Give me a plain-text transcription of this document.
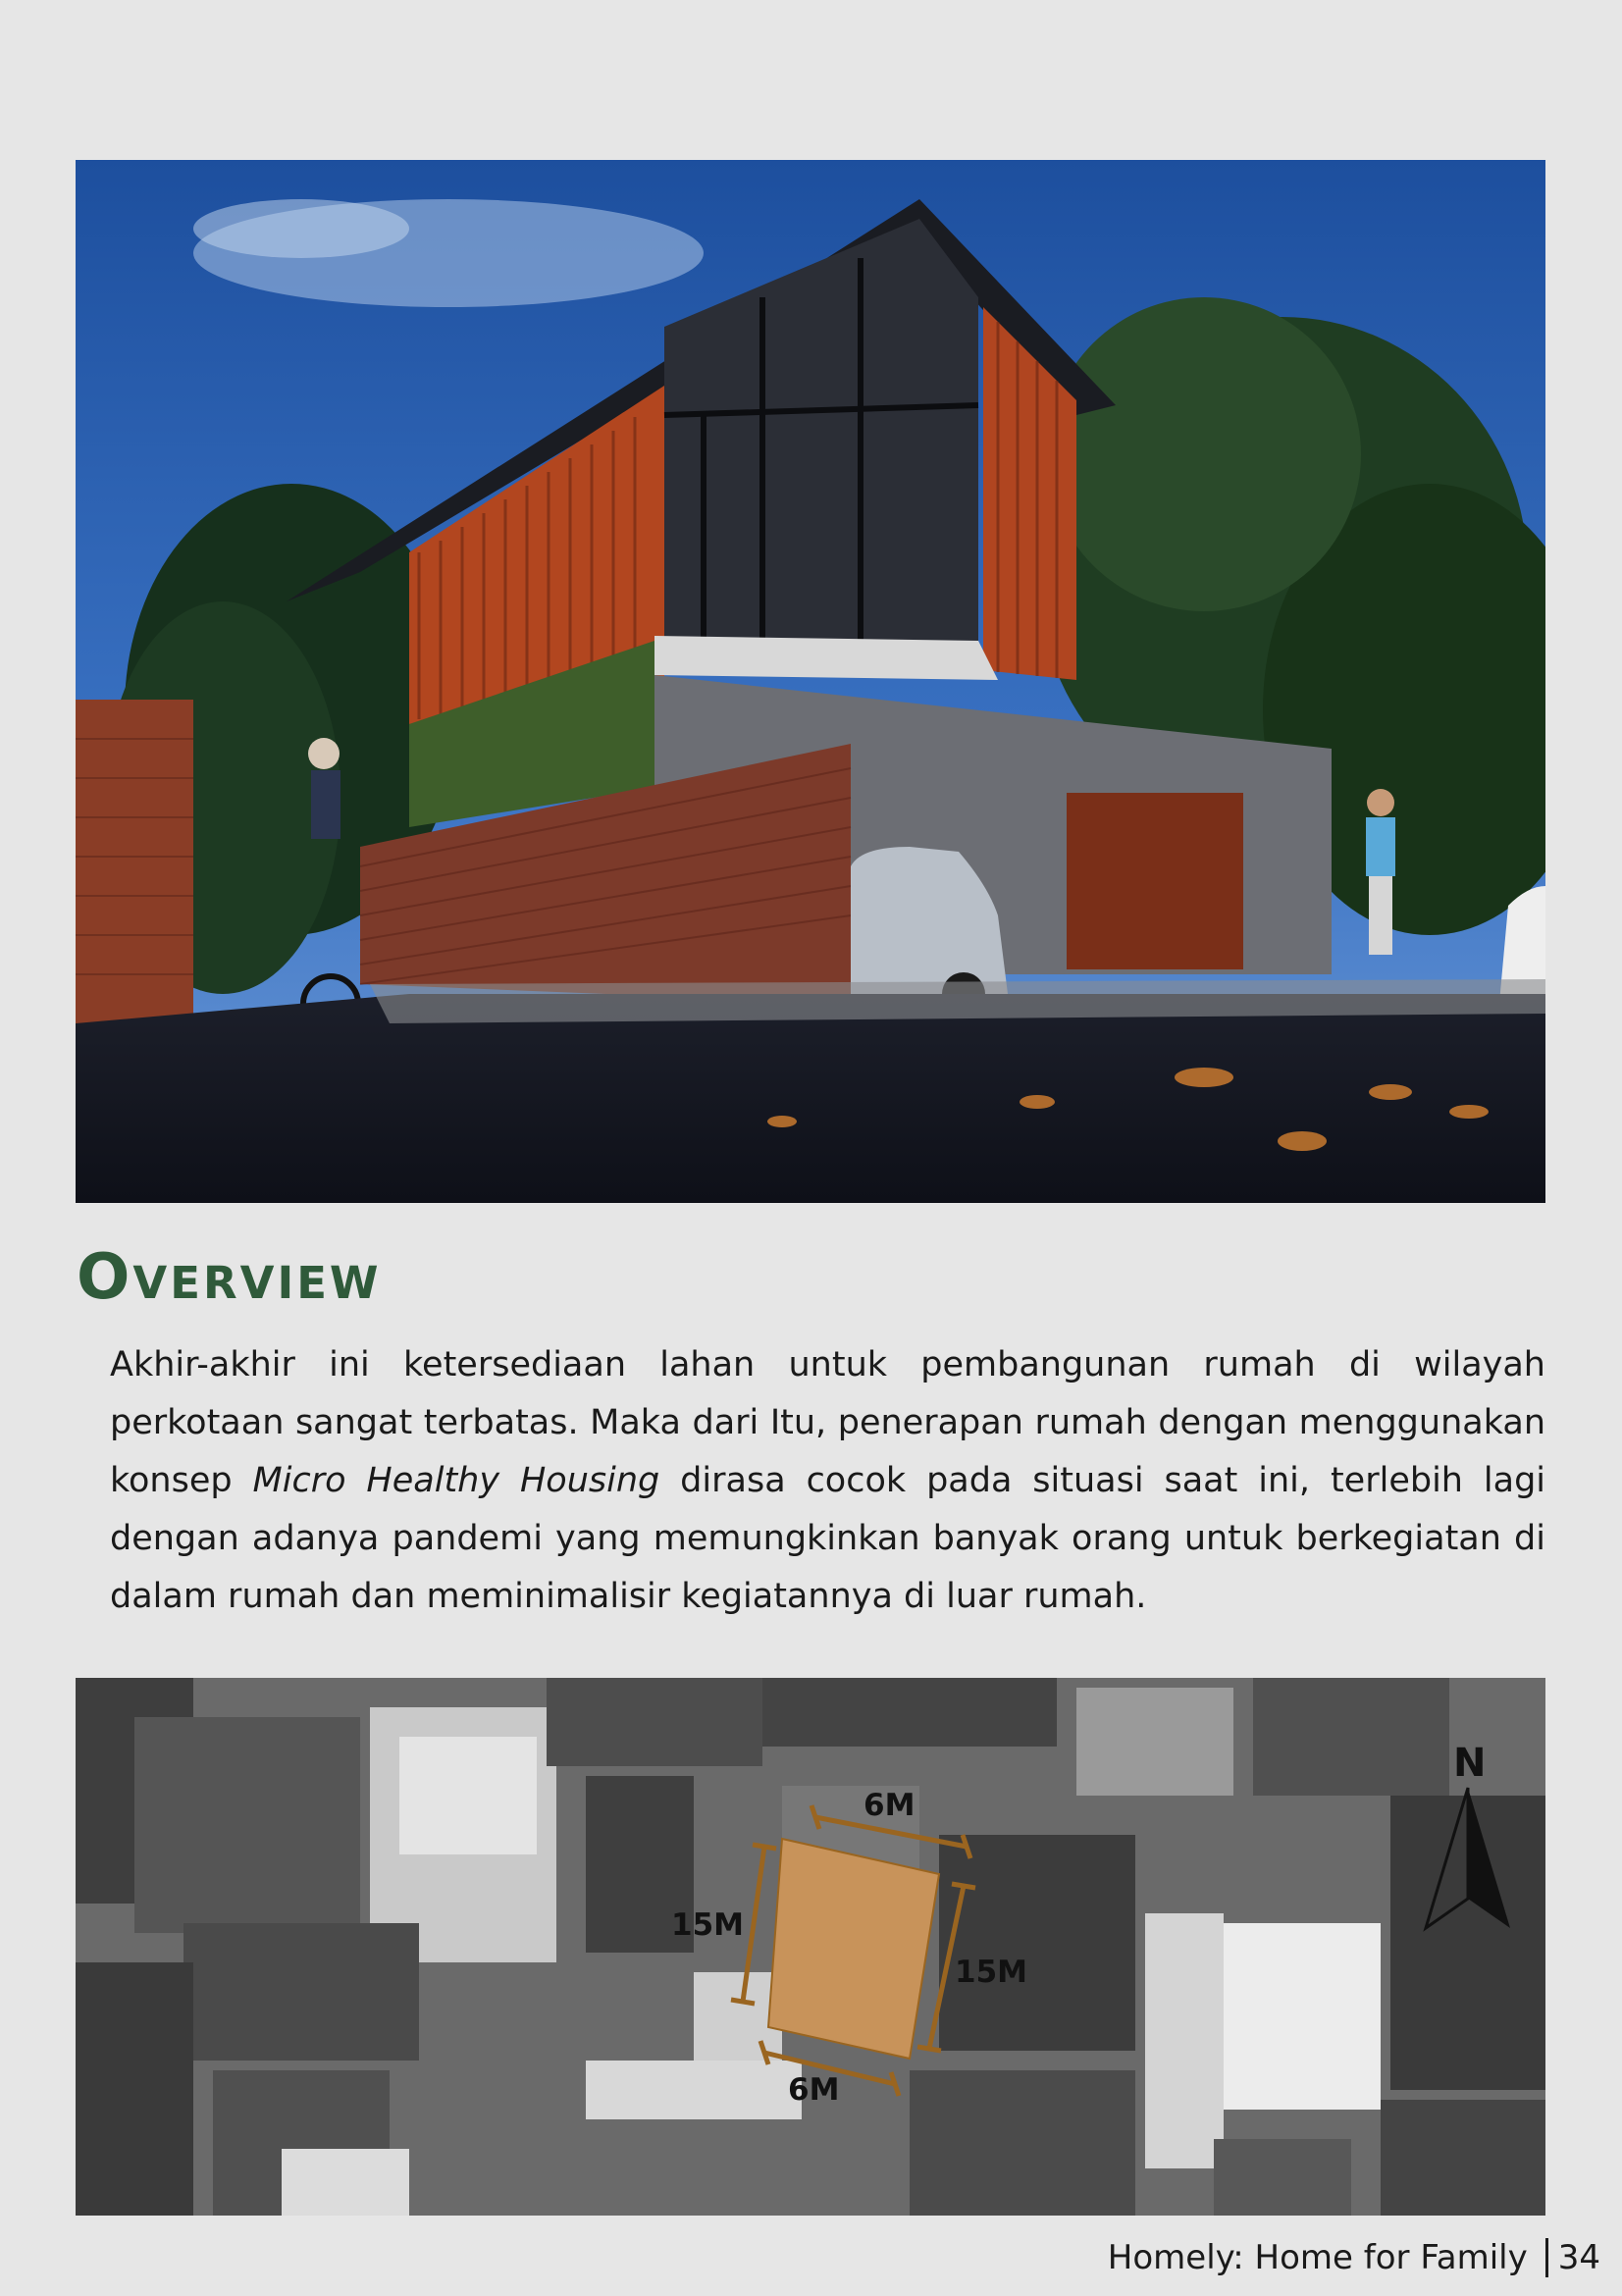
Overview

Akhir-akhir ini ketersediaan lahan untuk pembangunan rumah di wilayah perkotaan sangat terbatas. Maka dari Itu, penerapan rumah dengan menggunakan konsep Micro Healthy Housing dirasa cocok pada situasi saat ini, terlebih lagi dengan adanya pandemi yang memungkinkan banyak orang untuk berkegiatan di dalam rumah dan meminimalisir kegiatannya di luar rumah.

6M
15M
15M
6M
N
Homely: Home for Family 34
